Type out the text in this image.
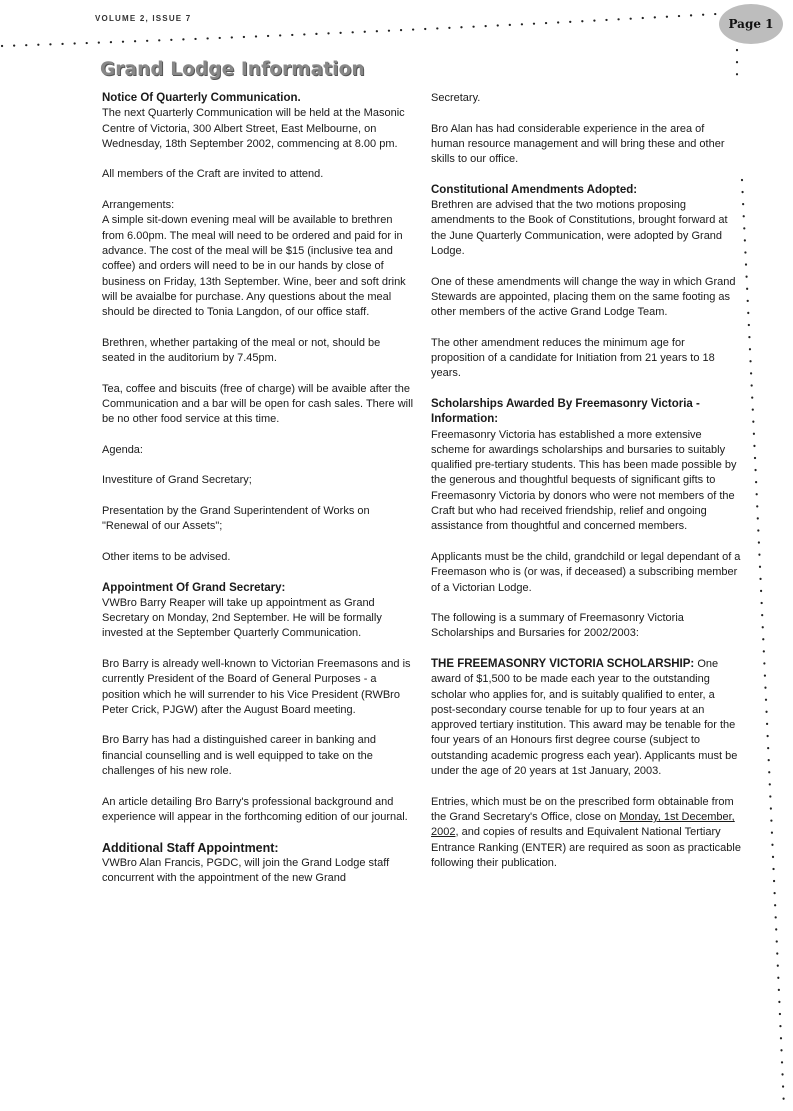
VOLUME 2, ISSUE 7	Page 1
Grand Lodge Information
Notice Of Quarterly Communication.

The next Quarterly Communication will be held at the Masonic Centre of Victoria, 300 Albert Street, East Melbourne, on Wednesday, 18th September 2002, commencing at 8.00 pm.

All members of the Craft are invited to attend.

Arrangements:

A simple sit-down evening meal will be available to brethren from 6.00pm. The meal will need to be ordered and paid for in advance. The cost of the meal will be $15 (inclusive tea and coffee) and orders will need to be in our hands by close of business on Friday, 13th September. Wine, beer and soft drink will be avaialbe for purchase. Any questions about the meal should be directed to Tonia Langdon, of our office staff.

Brethren, whether partaking of the meal or not, should be seated in the auditorium by 7.45pm.

Tea, coffee and biscuits (free of charge) will be avaible after the Communication and a bar will be open for cash sales. There will be no other food service at this time.

Agenda:

Investiture of Grand Secretary;

Presentation by the Grand Superintendent of Works on "Renewal of our Assets";

Other items to be advised.

Appointment Of Grand Secretary:

VWBro Barry Reaper will take up appointment as Grand Secretary on Monday, 2nd September. He will be formally invested at the September Quarterly Communication.

Bro Barry is already well-known to Victorian Freemasons and is currently President of the Board of General Purposes - a position which he will surrender to his Vice President (RWBro Peter Crick, PJGW) after the August Board meeting.

Bro Barry has had a distinguished career in banking and financial counselling and is well equipped to take on the challenges of his new role.

An article detailing Bro Barry's professional background and experience will appear in the forthcoming edition of our journal.

Additional Staff Appointment:

VWBro Alan Francis, PGDC, will join the Grand Lodge staff concurrent with the appointment of the new Grand

Secretary.

Bro Alan has had considerable experience in the area of human resource management and will bring these and other skills to our office.

Constitutional Amendments Adopted:

Brethren are advised that the two motions proposing amendments to the Book of Constitutions, brought forward at the June Quarterly Communication, were adopted by Grand Lodge.

One of these amendments will change the way in which Grand Stewards are appointed, placing them on the same footing as other members of the active Grand Lodge Team.

The other amendment reduces the minimum age for proposition of a candidate for Initiation from 21 years to 18 years.

Scholarships Awarded By Freemasonry Victoria - Information:

Freemasonry Victoria has established a more extensive scheme for awardings scholarships and bursaries to suitably qualified pre-tertiary students. This has been made possible by the generous and thoughtful bequests of significant gifts to Freemasonry Victoria by donors who were not members of the Craft but who had received friendship, relief and ongoing assistance from thoughtful and concerned members.

Applicants must be the child, grandchild or legal dependant of a Freemason who is (or was, if deceased) a subscribing member of a Victorian Lodge.

The following is a summary of Freemasonry Victoria Scholarships and Bursaries for 2002/2003:

THE FREEMASONRY VICTORIA SCHOLARSHIP: One award of $1,500 to be made each year to the outstanding scholar who applies for, and is suitably qualified to enter, a post-secondary course tenable for up to four years at an approved tertiary institution. This award may be tenable for the four years of an Honours first degree course (subject to outstanding academic progress each year). Applicants must be under the age of 20 years at 1st January, 2003.

Entries, which must be on the prescribed form obtainable from the Grand Secretary's Office, close on Monday, 1st December, 2002, and copies of results and Equivalent National Tertiary Entrance Ranking (ENTER) are required as soon as practicable following their publication.
